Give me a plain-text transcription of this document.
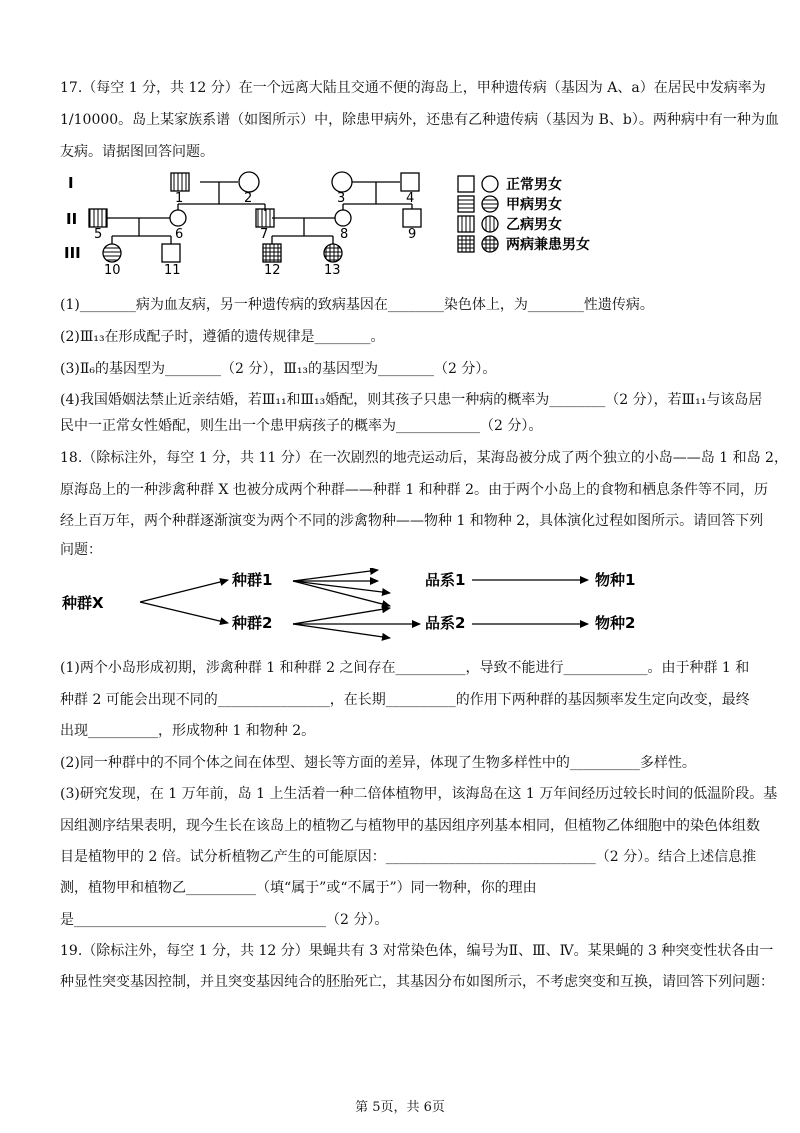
17.（每空 1 分，共 12 分）在一个远离大陆且交通不便的海岛上，甲种遗传病（基因为 A、a）在居民中发病率为
1/10000。岛上某家族系谱（如图所示）中，除患甲病外，还患有乙种遗传病（基因为 B、b）。两种病中有一种为血
友病。请据图回答问题。
I
II
III
1	2	3	4
5	6	7	8	9
10	11	12	13
正常男女
甲病男女
乙病男女
两病兼患男女
(1)________病为血友病，另一种遗传病的致病基因在________染色体上，为________性遗传病。
(2)Ⅲ₁₃在形成配子时，遵循的遗传规律是________。
(3)Ⅱ₆的基因型为________（2 分），Ⅲ₁₃的基因型为________（2 分）。
(4)我国婚姻法禁止近亲结婚，若Ⅲ₁₁和Ⅲ₁₃婚配，则其孩子只患一种病的概率为________（2 分），若Ⅲ₁₁与该岛居
民中一正常女性婚配，则生出一个患甲病孩子的概率为____________（2 分）。
18.（除标注外，每空 1 分，共 11 分）在一次剧烈的地壳运动后，某海岛被分成了两个独立的小岛——岛 1 和岛 2，
原海岛上的一种涉禽种群 X 也被分成两个种群——种群 1 和种群 2。由于两个小岛上的食物和栖息条件等不同，历
经上百万年，两个种群逐渐演变为两个不同的涉禽物种——物种 1 和物种 2，具体演化过程如图所示。请回答下列
问题：
种群X
种群1
种群2
品系1
品系2
物种1
物种2
(1)两个小岛形成初期，涉禽种群 1 和种群 2 之间存在__________，导致不能进行____________。由于种群 1 和
种群 2 可能会出现不同的________________，在长期__________的作用下两种群的基因频率发生定向改变，最终
出现__________，形成物种 1 和物种 2。
(2)同一种群中的不同个体之间在体型、翅长等方面的差异，体现了生物多样性中的__________多样性。
(3)研究发现，在 1 万年前，岛 1 上生活着一种二倍体植物甲，该海岛在这 1 万年间经历过较长时间的低温阶段。基
因组测序结果表明，现今生长在该岛上的植物乙与植物甲的基因组序列基本相同，但植物乙体细胞中的染色体组数
目是植物甲的 2 倍。试分析植物乙产生的可能原因：______________________________（2 分）。结合上述信息推
测，植物甲和植物乙__________（填“属于”或“不属于”）同一物种，你的理由
是____________________________________（2 分）。
19.（除标注外，每空 1 分，共 12 分）果蝇共有 3 对常染色体，编号为Ⅱ、Ⅲ、Ⅳ。某果蝇的 3 种突变性状各由一
种显性突变基因控制，并且突变基因纯合的胚胎死亡，其基因分布如图所示，不考虑突变和互换，请回答下列问题：
第 5页，共 6页
